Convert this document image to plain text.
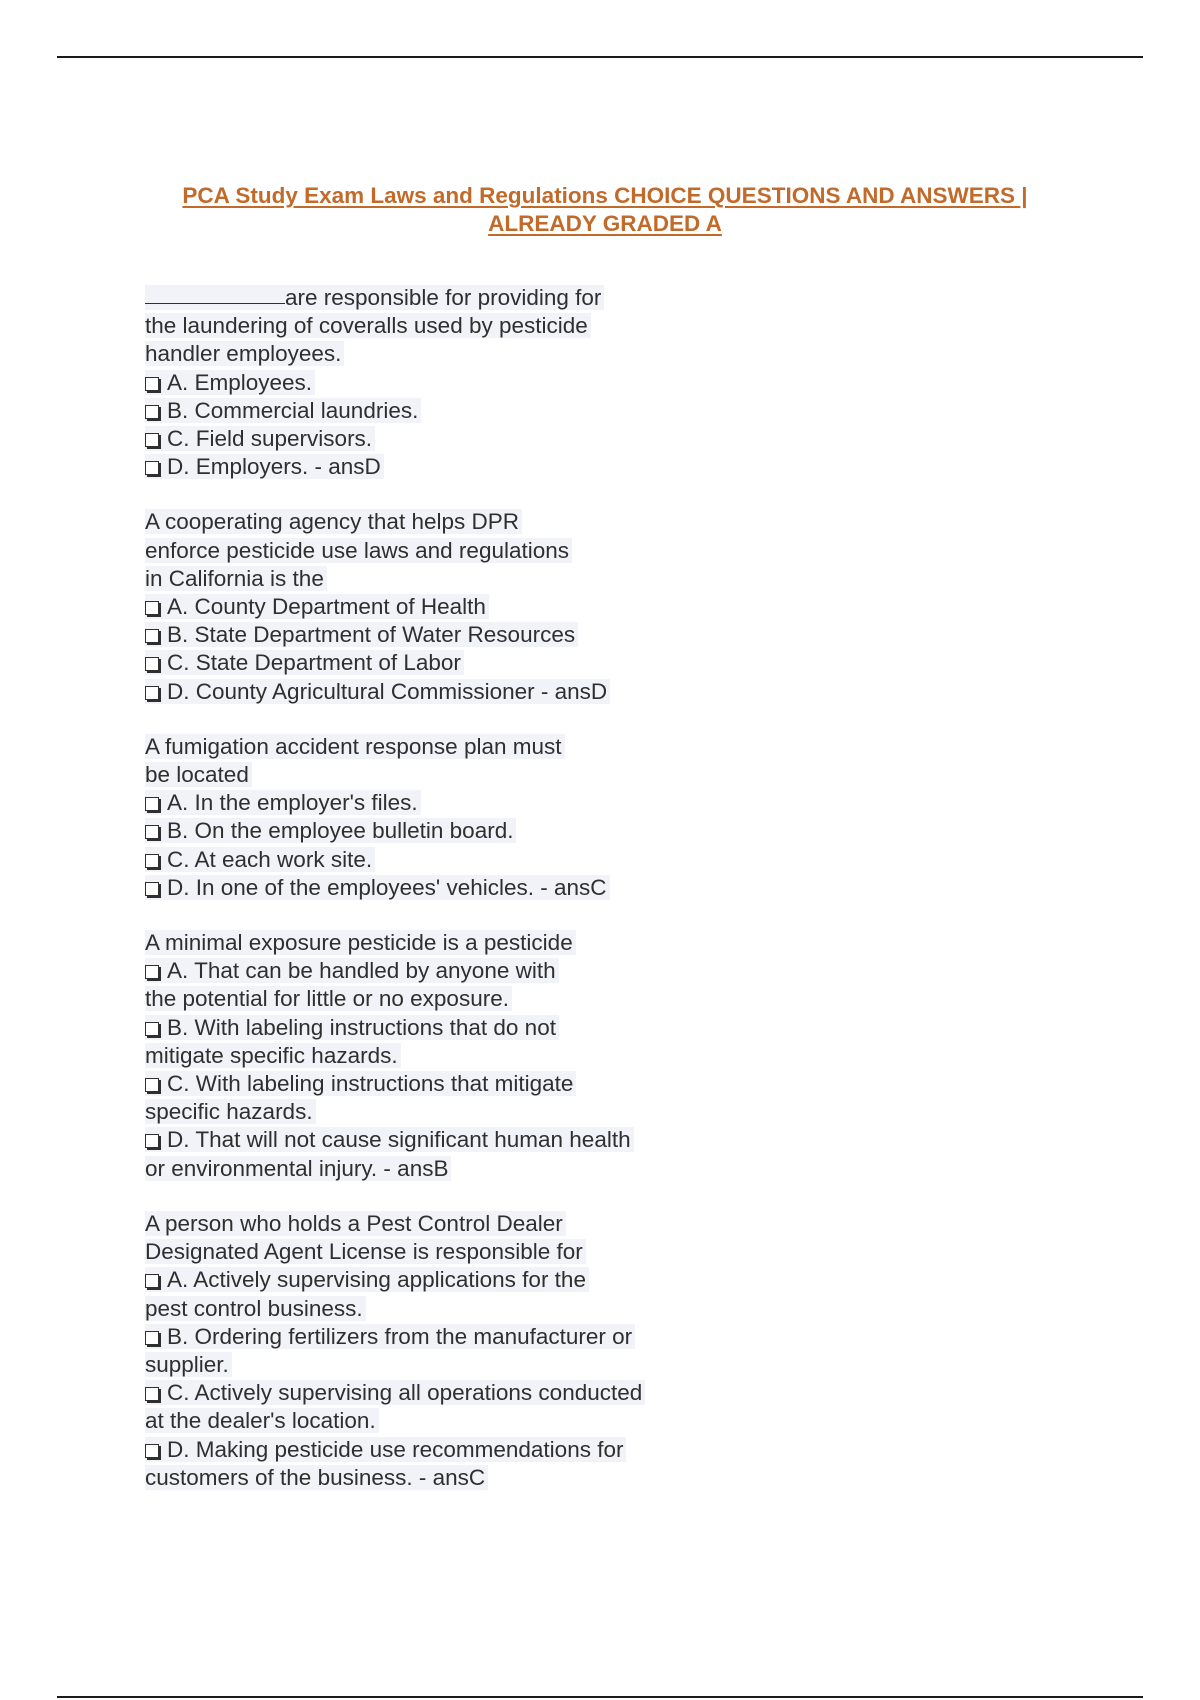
PCA Study Exam Laws and Regulations CHOICE QUESTIONS AND ANSWERS |
ALREADY GRADED A
are responsible for providing for
the laundering of coveralls used by pesticide
handler employees.
A. Employees.
B. Commercial laundries.
C. Field supervisors.
D. Employers. - ansD
A cooperating agency that helps DPR
enforce pesticide use laws and regulations
in California is the
A. County Department of Health
B. State Department of Water Resources
C. State Department of Labor
D. County Agricultural Commissioner - ansD
A fumigation accident response plan must
be located
A. In the employer's files.
B. On the employee bulletin board.
C. At each work site.
D. In one of the employees' vehicles. - ansC
A minimal exposure pesticide is a pesticide
A. That can be handled by anyone with
the potential for little or no exposure.
B. With labeling instructions that do not
mitigate specific hazards.
C. With labeling instructions that mitigate
specific hazards.
D. That will not cause significant human health
or environmental injury. - ansB
A person who holds a Pest Control Dealer
Designated Agent License is responsible for
A. Actively supervising applications for the
pest control business.
B. Ordering fertilizers from the manufacturer or
supplier.
C. Actively supervising all operations conducted
at the dealer's location.
D. Making pesticide use recommendations for
customers of the business. - ansC
